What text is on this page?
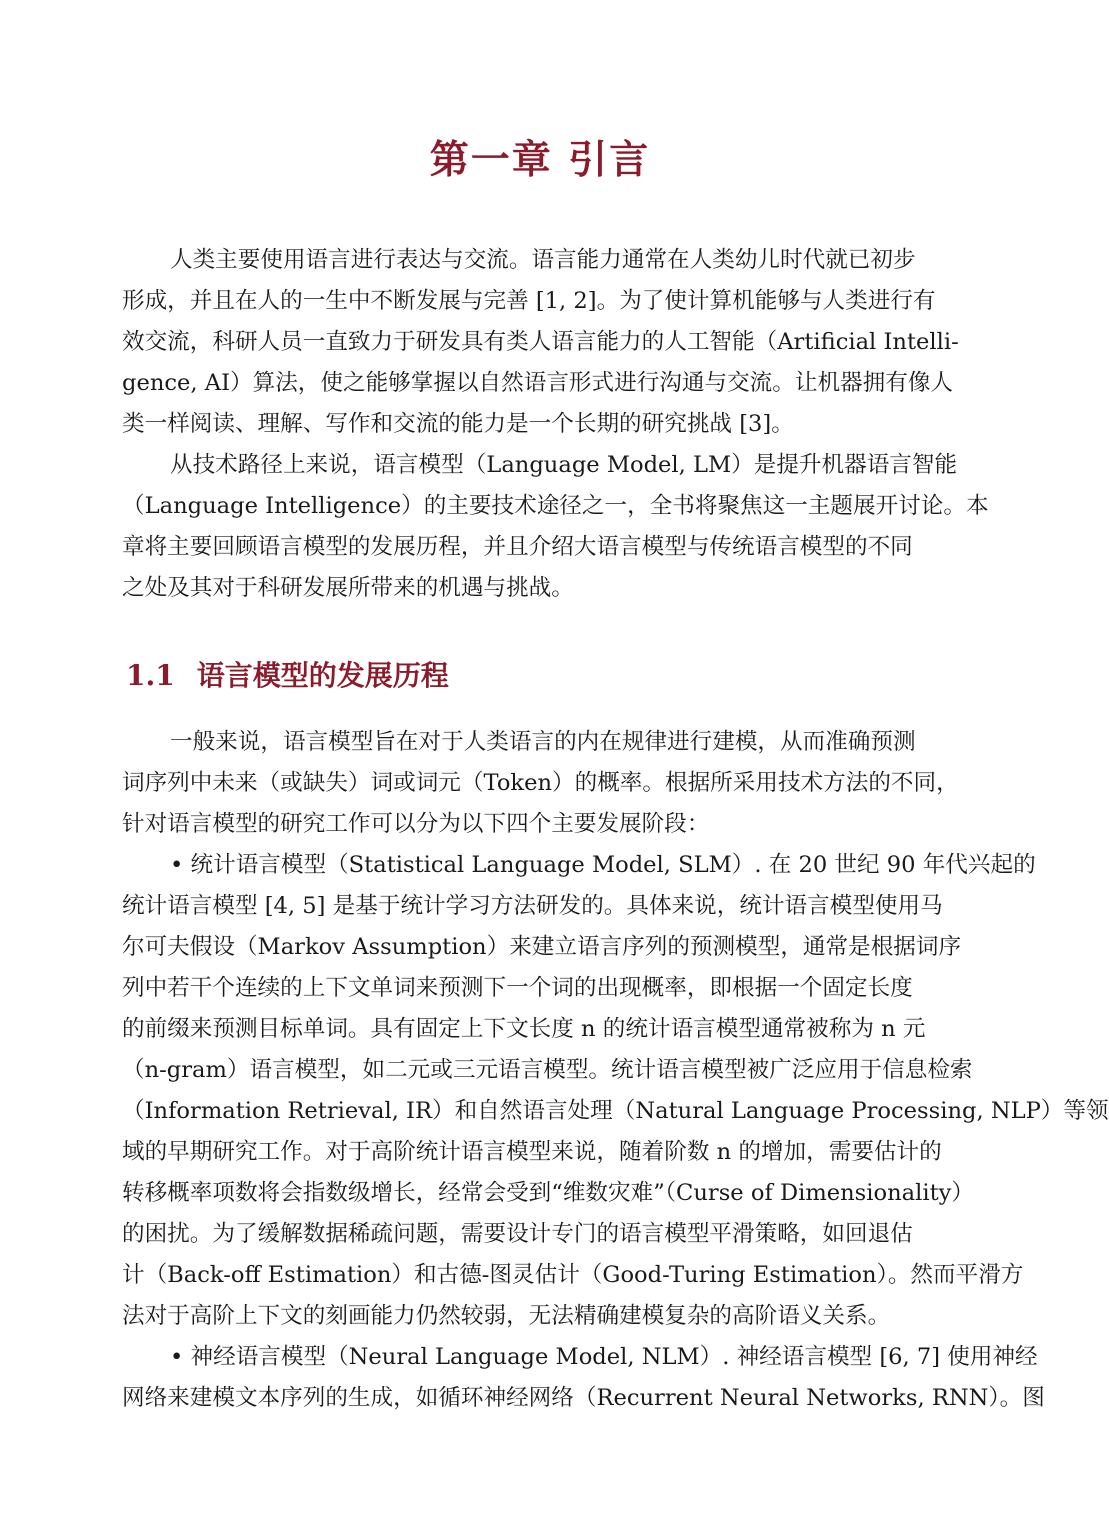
第一章 引言
人类主要使用语言进行表达与交流。语言能力通常在人类幼儿时代就已初步
形成，并且在人的一生中不断发展与完善 [1, 2]。为了使计算机能够与人类进行有
效交流，科研人员一直致力于研发具有类人语言能力的人工智能（Artificial Intelli-
gence, AI）算法，使之能够掌握以自然语言形式进行沟通与交流。让机器拥有像人
类一样阅读、理解、写作和交流的能力是一个长期的研究挑战 [3]。
从技术路径上来说，语言模型（Language Model, LM）是提升机器语言智能
（Language Intelligence）的主要技术途径之一，全书将聚焦这一主题展开讨论。本
章将主要回顾语言模型的发展历程，并且介绍大语言模型与传统语言模型的不同
之处及其对于科研发展所带来的机遇与挑战。
1.1 语言模型的发展历程
一般来说，语言模型旨在对于人类语言的内在规律进行建模，从而准确预测
词序列中未来（或缺失）词或词元（Token）的概率。根据所采用技术方法的不同，
针对语言模型的研究工作可以分为以下四个主要发展阶段：
• 统计语言模型（Statistical Language Model, SLM）. 在 20 世纪 90 年代兴起的
统计语言模型 [4, 5] 是基于统计学习方法研发的。具体来说，统计语言模型使用马
尔可夫假设（Markov Assumption）来建立语言序列的预测模型，通常是根据词序
列中若干个连续的上下文单词来预测下一个词的出现概率，即根据一个固定长度
的前缀来预测目标单词。具有固定上下文长度 n 的统计语言模型通常被称为 n 元
（n-gram）语言模型，如二元或三元语言模型。统计语言模型被广泛应用于信息检索
（Information Retrieval, IR）和自然语言处理（Natural Language Processing, NLP）等领
域的早期研究工作。对于高阶统计语言模型来说，随着阶数 n 的增加，需要估计的
转移概率项数将会指数级增长，经常会受到“维数灾难”（Curse of Dimensionality）
的困扰。为了缓解数据稀疏问题，需要设计专门的语言模型平滑策略，如回退估
计（Back-off Estimation）和古德-图灵估计（Good-Turing Estimation）。然而平滑方
法对于高阶上下文的刻画能力仍然较弱，无法精确建模复杂的高阶语义关系。
• 神经语言模型（Neural Language Model, NLM）. 神经语言模型 [6, 7] 使用神经
网络来建模文本序列的生成，如循环神经网络（Recurrent Neural Networks, RNN）。图
